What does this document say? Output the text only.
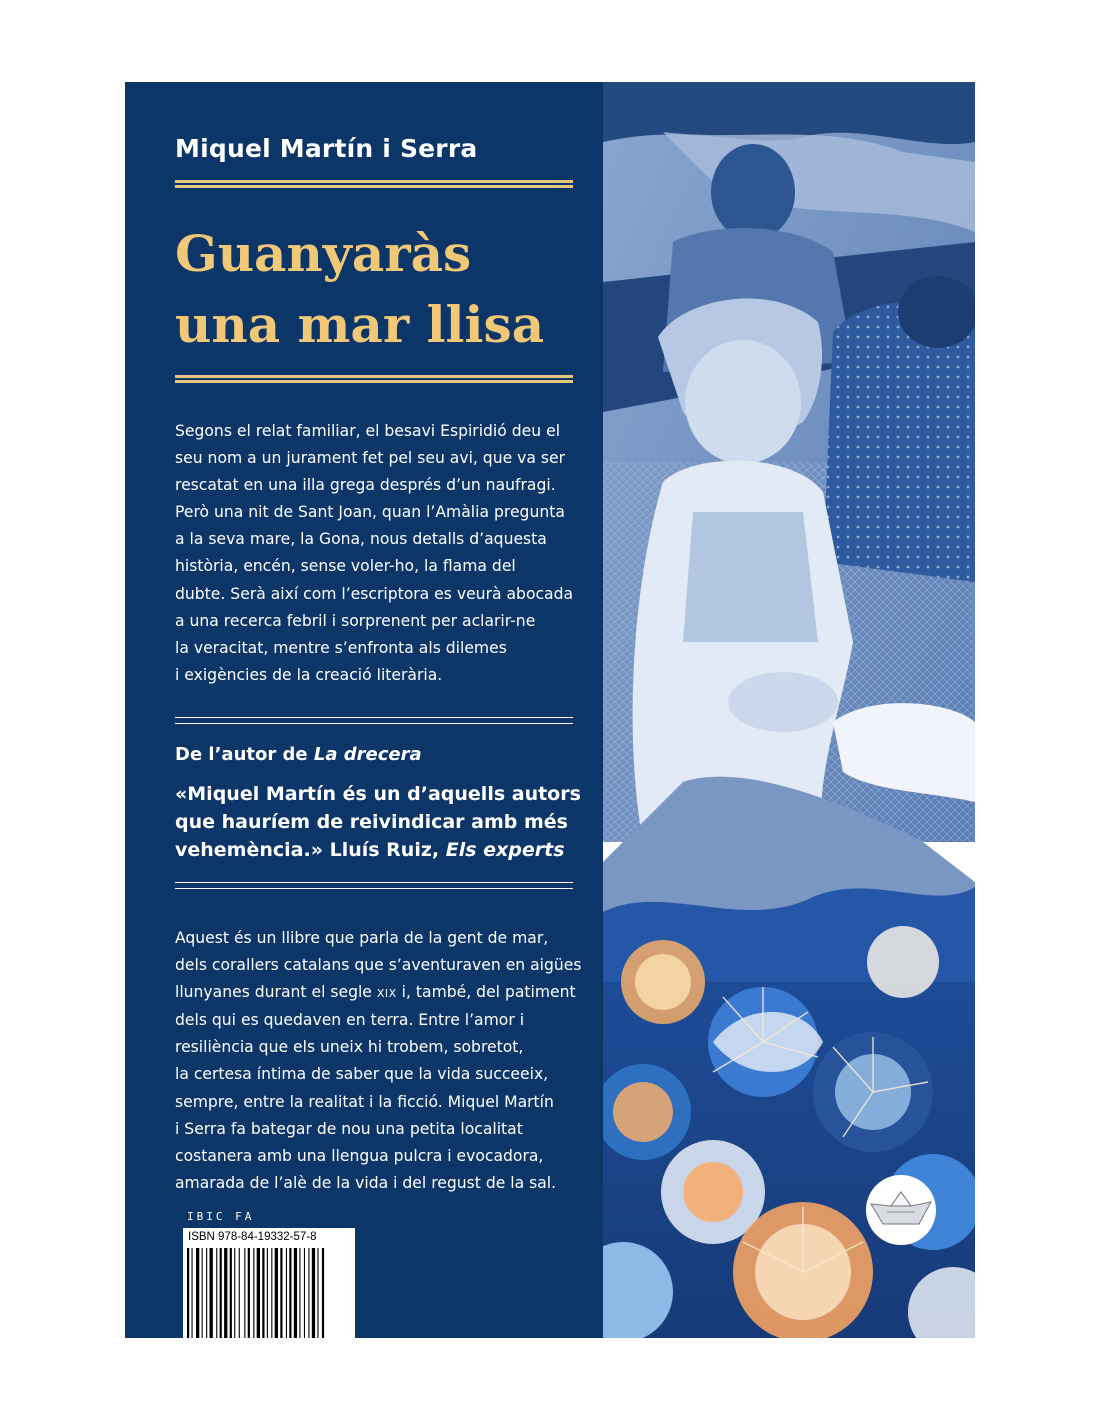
Miquel Martín i Serra
Guanyaràs
una mar llisa
Segons el relat familiar, el besavi Espiridió deu el
seu nom a un jurament fet pel seu avi, que va ser
rescatat en una illa grega després d’un naufragi.
Però una nit de Sant Joan, quan l’Amàlia pregunta
a la seva mare, la Gona, nous detalls d’aquesta
història, encén, sense voler-ho, la flama del
dubte. Serà així com l’escriptora es veurà abocada
a una recerca febril i sorprenent per aclarir-ne
la veracitat, mentre s’enfronta als dilemes
i exigències de la creació literària.
De l’autor de La drecera
«Miquel Martín és un d’aquells autors
que hauríem de reivindicar amb més
vehemència.» Lluís Ruiz, Els experts
Aquest és un llibre que parla de la gent de mar,
dels corallers catalans que s’aventuraven en aigües
llunyanes durant el segle XIX i, també, del patiment
dels qui es quedaven en terra. Entre l’amor i
resiliència que els uneix hi trobem, sobretot,
la certesa íntima de saber que la vida succeeix,
sempre, entre la realitat i la ficció. Miquel Martín
i Serra fa bategar de nou una petita localitat
costanera amb una llengua pulcra i evocadora,
amarada de l’alè de la vida i del regust de la sal.
IBIC FA
ISBN 978-84-19332-57-8
